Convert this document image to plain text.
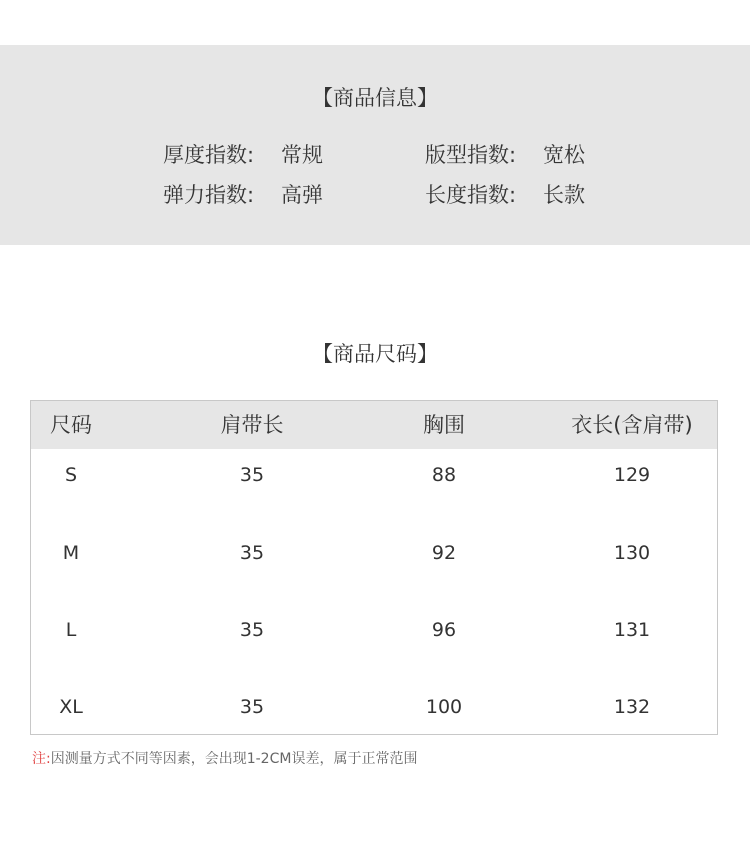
【商品信息】
厚度指数: 常规	版型指数: 宽松
弹力指数: 高弹	长度指数: 长款
【商品尺码】
尺码	肩带长	胸围	衣长(含肩带)
S	35	88	129
M	35	92	130
L	35	96	131
XL	35	100	132
注:因测量方式不同等因素，会出现1-2CM误差，属于正常范围
